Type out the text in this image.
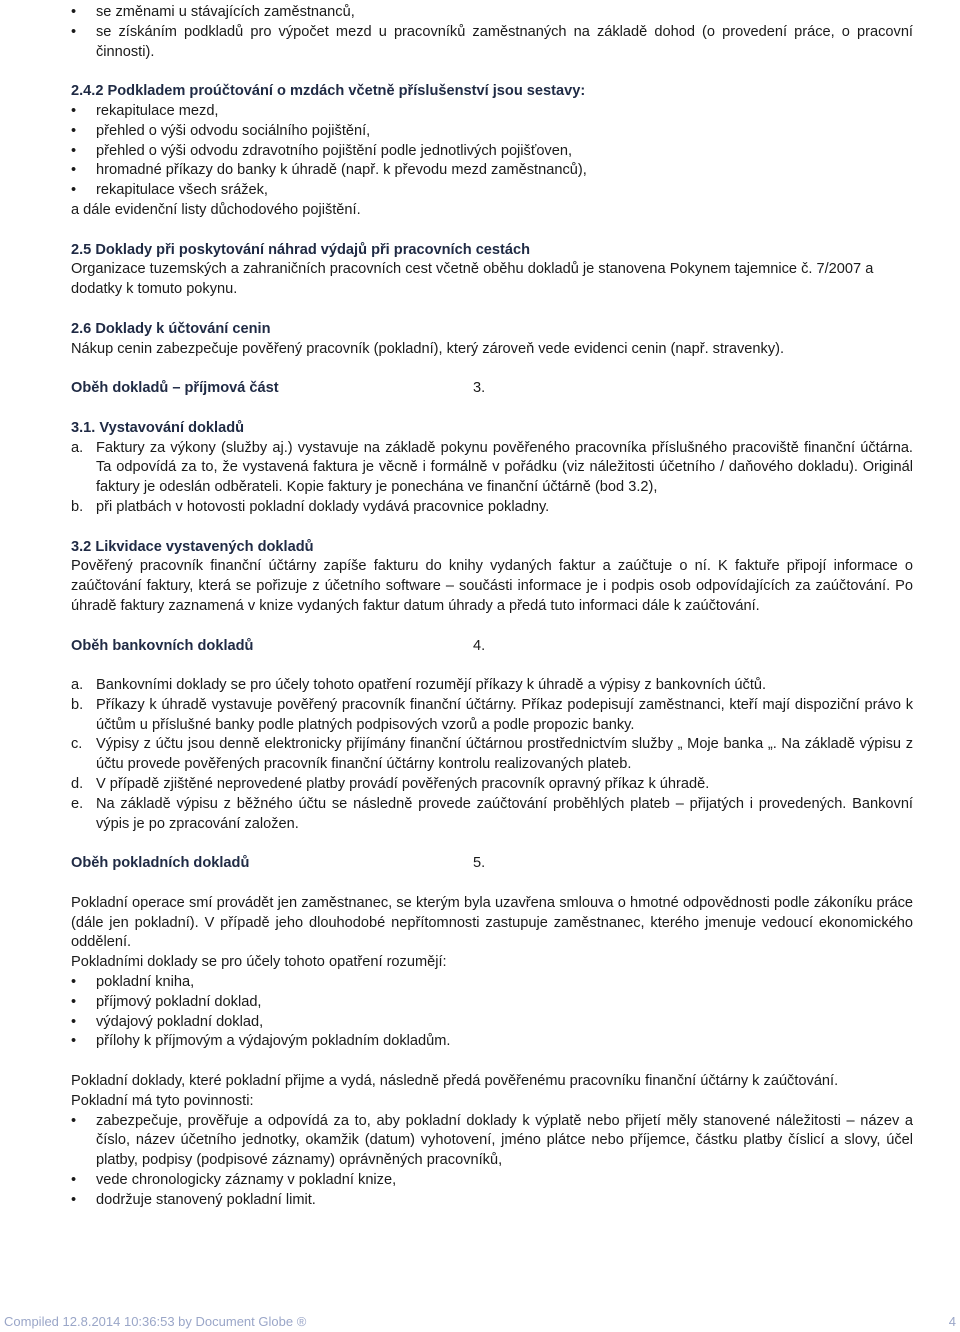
• se změnami u stávajících zaměstnanců,
• se získáním podkladů pro výpočet mezd u pracovníků zaměstnaných na základě dohod (o provedení práce, o pracovní činnosti).
2.4.2 Podkladem proúčtování o mzdách včetně příslušenství jsou sestavy:
• rekapitulace mezd,
• přehled o výši odvodu sociálního pojištění,
• přehled o výši odvodu zdravotního pojištění podle jednotlivých pojišťoven,
• hromadné příkazy do banky k úhradě (např. k převodu mezd zaměstnanců),
• rekapitulace všech srážek,
a dále evidenční listy důchodového pojištění.
2.5 Doklady při poskytování náhrad výdajů při pracovních cestách
Organizace tuzemských a zahraničních pracovních cest včetně oběhu dokladů je stanovena Pokynem tajemnice č. 7/2007 a dodatky k tomuto pokynu.
2.6 Doklady k účtování cenin
Nákup cenin zabezpečuje pověřený pracovník (pokladní), který zároveň vede evidenci cenin (např. stravenky).
Oběh dokladů – příjmová část	3.
3.1. Vystavování dokladů
a. Faktury za výkony (služby aj.) vystavuje na základě pokynu pověřeného pracovníka příslušného pracoviště finanční účtárna. Ta odpovídá za to, že vystavená faktura je věcně i formálně v pořádku (viz náležitosti účetního / daňového dokladu). Originál faktury je odeslán odběrateli. Kopie faktury je ponechána ve finanční účtárně (bod 3.2),
b. při platbách v hotovosti pokladní doklady vydává pracovnice pokladny.
3.2 Likvidace vystavených dokladů
Pověřený pracovník finanční účtárny zapíše fakturu do knihy vydaných faktur a zaúčtuje o ní. K faktuře připojí informace o zaúčtování faktury, která se pořizuje z účetního software – součásti informace je i podpis osob odpovídajících za zaúčtování. Po úhradě faktury zaznamená v knize vydaných faktur datum úhrady a předá tuto informaci dále k zaúčtování.
Oběh bankovních dokladů	4.
a. Bankovními doklady se pro účely tohoto opatření rozumějí příkazy k úhradě a výpisy z bankovních účtů.
b. Příkazy k úhradě vystavuje pověřený pracovník finanční účtárny. Příkaz podepisují zaměstnanci, kteří mají dispoziční právo k účtům u příslušné banky podle platných podpisových vzorů a podle propozic banky.
c. Výpisy z účtu jsou denně elektronicky přijímány finanční účtárnou prostřednictvím služby „ Moje banka „. Na základě výpisu z účtu provede pověřených pracovník finanční účtárny kontrolu realizovaných plateb.
d. V případě zjištěné neprovedené platby provádí pověřených pracovník opravný příkaz k úhradě.
e. Na základě výpisu z běžného účtu se následně provede zaúčtování proběhlých plateb – přijatých i provedených. Bankovní výpis je po zpracování založen.
Oběh pokladních dokladů	5.
Pokladní operace smí provádět jen zaměstnanec, se kterým byla uzavřena smlouva o hmotné odpovědnosti podle zákoníku práce (dále jen pokladní). V případě jeho dlouhodobé nepřítomnosti zastupuje zaměstnanec, kterého jmenuje vedoucí ekonomického oddělení.
Pokladními doklady se pro účely tohoto opatření rozumějí:
• pokladní kniha,
• příjmový pokladní doklad,
• výdajový pokladní doklad,
• přílohy k příjmovým a výdajovým pokladním dokladům.
Pokladní doklady, které pokladní přijme a vydá, následně předá pověřenému pracovníku finanční účtárny k zaúčtování.
Pokladní má tyto povinnosti:
• zabezpečuje, prověřuje a odpovídá za to, aby pokladní doklady k výplatě nebo přijetí měly stanovené náležitosti – název a číslo, název účetního jednotky, okamžik (datum) vyhotovení, jméno plátce nebo příjemce, částku platby číslicí a slovy, účel platby, podpisy (podpisové záznamy) oprávněných pracovníků,
• vede chronologicky záznamy v pokladní knize,
• dodržuje stanovený pokladní limit.
Compiled 12.8.2014 10:36:53 by Document Globe ®	4
